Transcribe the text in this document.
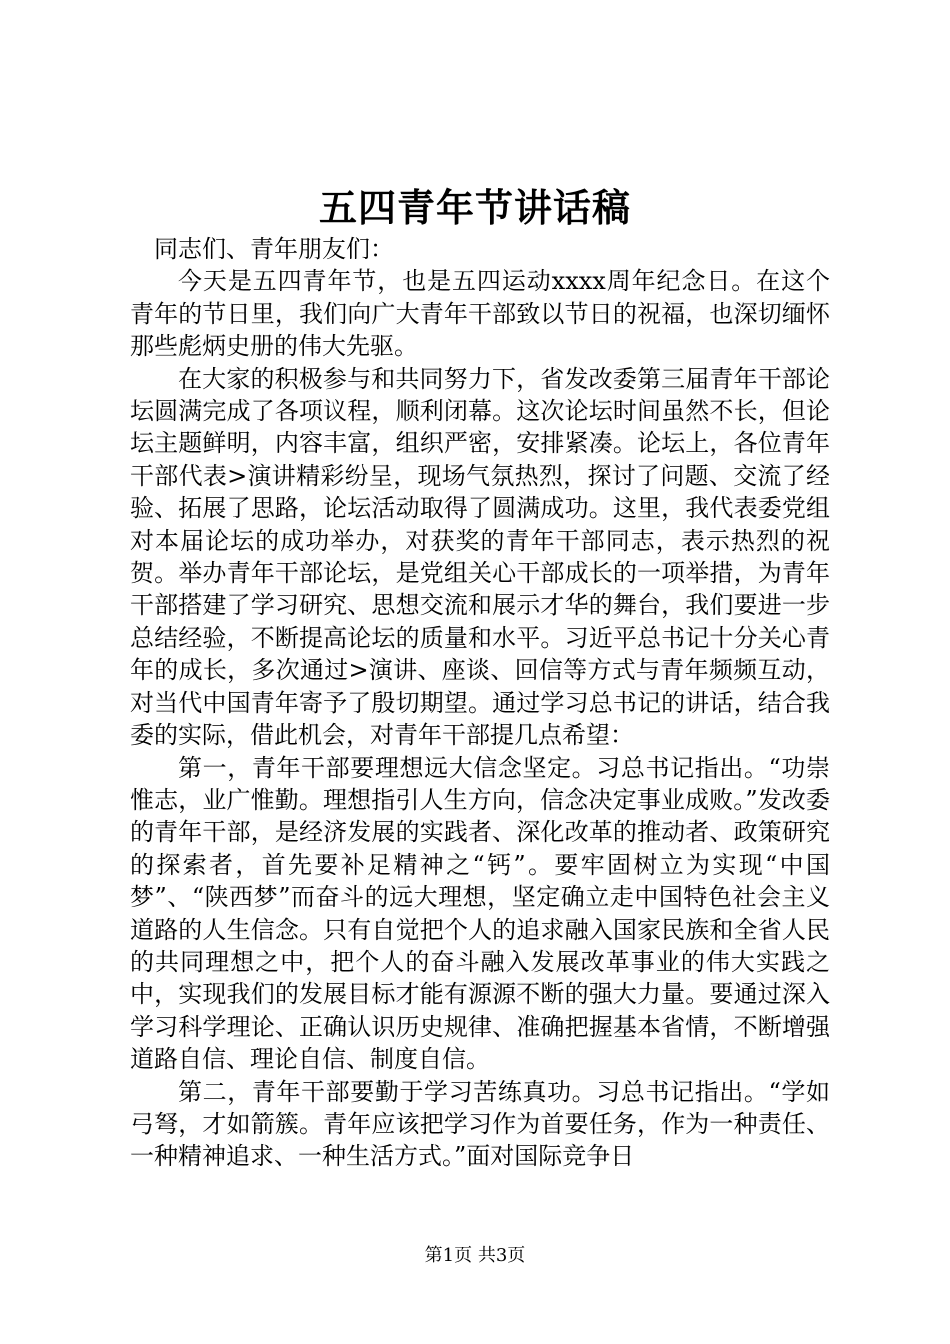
五四青年节讲话稿

同志们、青年朋友们：

今天是五四青年节，也是五四运动xxxx周年纪念日。在这个青年的节日里，我们向广大青年干部致以节日的祝福，也深切缅怀那些彪炳史册的伟大先驱。

在大家的积极参与和共同努力下，省发改委第三届青年干部论坛圆满完成了各项议程，顺利闭幕。这次论坛时间虽然不长，但论坛主题鲜明，内容丰富，组织严密，安排紧凑。论坛上，各位青年干部代表>演讲精彩纷呈，现场气氛热烈，探讨了问题、交流了经验、拓展了思路，论坛活动取得了圆满成功。这里，我代表委党组对本届论坛的成功举办，对获奖的青年干部同志，表示热烈的祝贺。举办青年干部论坛，是党组关心干部成长的一项举措，为青年干部搭建了学习研究、思想交流和展示才华的舞台，我们要进一步总结经验，不断提高论坛的质量和水平。习近平总书记十分关心青年的成长，多次通过>演讲、座谈、回信等方式与青年频频互动，对当代中国青年寄予了殷切期望。通过学习总书记的讲话，结合我委的实际，借此机会，对青年干部提几点希望：

第一，青年干部要理想远大信念坚定。习总书记指出。“功崇惟志，业广惟勤。理想指引人生方向，信念决定事业成败。”发改委的青年干部，是经济发展的实践者、深化改革的推动者、政策研究的探索者，首先要补足精神之“钙”。要牢固树立为实现“中国梦”、“陕西梦”而奋斗的远大理想，坚定确立走中国特色社会主义道路的人生信念。只有自觉把个人的追求融入国家民族和全省人民的共同理想之中，把个人的奋斗融入发展改革事业的伟大实践之中，实现我们的发展目标才能有源源不断的强大力量。要通过深入学习科学理论、正确认识历史规律、准确把握基本省情，不断增强道路自信、理论自信、制度自信。

第二，青年干部要勤于学习苦练真功。习总书记指出。“学如弓弩，才如箭簇。青年应该把学习作为首要任务，作为一种责任、一种精神追求、一种生活方式。”面对国际竞争日

第1页 共3页
